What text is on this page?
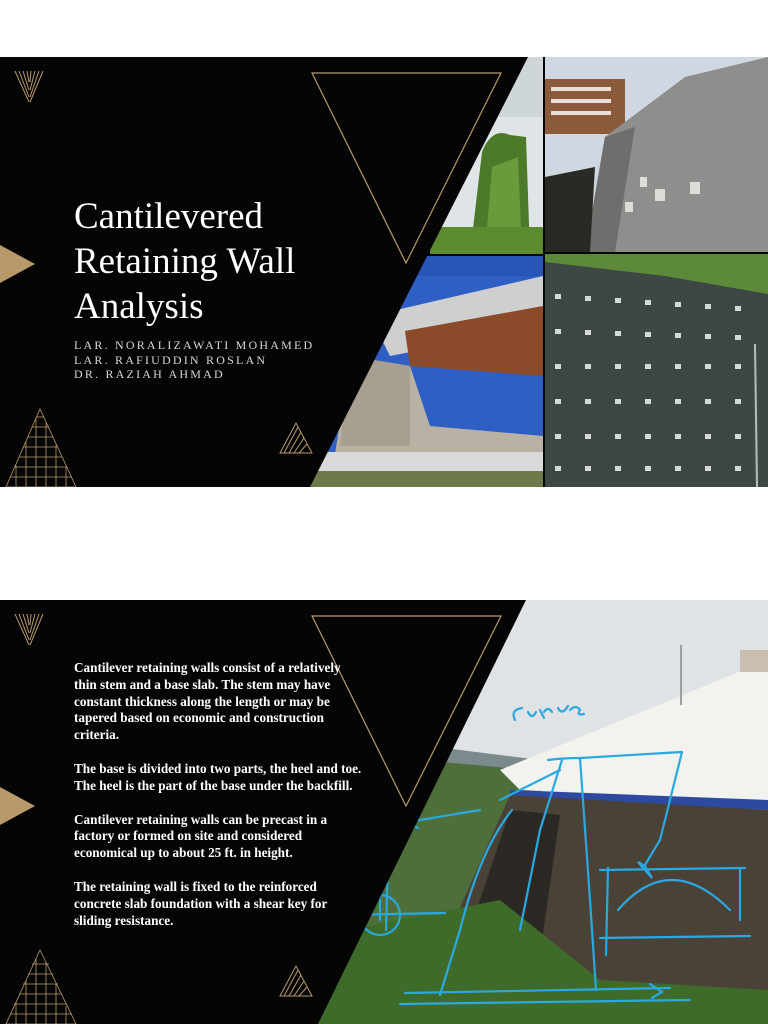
Cantilevered
Retaining Wall
Analysis
LAR. NORALIZAWATI MOHAMED
LAR. RAFIUDDIN ROSLAN
DR. RAZIAH AHMAD

Cantilever retaining walls consist of a relatively thin stem and a base slab. The stem may have constant thickness along the length or may be tapered based on economic and construction criteria.

The base is divided into two parts, the heel and toe. The heel is the part of the base under the backfill.

Cantilever retaining walls can be precast in a factory or formed on site and considered economical up to about 25 ft. in height.

The retaining wall is fixed to the reinforced concrete slab foundation with a shear key for sliding resistance.
